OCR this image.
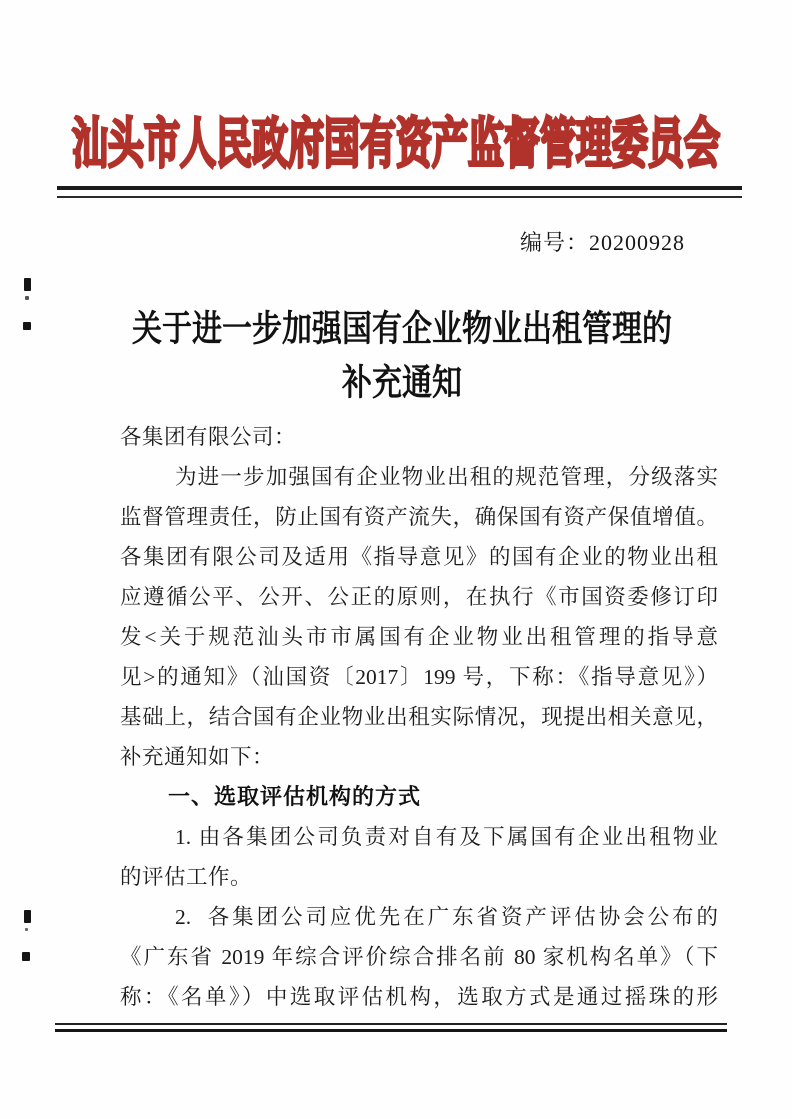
汕头市人民政府国有资产监督管理委员会
编号：20200928
关于进一步加强国有企业物业出租管理的
补充通知
各集团有限公司：
为进一步加强国有企业物业出租的规范管理，分级落实
监督管理责任，防止国有资产流失，确保国有资产保值增值。
各集团有限公司及适用《指导意见》的国有企业的物业出租
应遵循公平、公开、公正的原则，在执行《市国资委修订印
发<关于规范汕头市市属国有企业物业出租管理的指导意
见>的通知》（汕国资〔2017〕199 号，下称：《指导意见》）
基础上，结合国有企业物业出租实际情况，现提出相关意见，
补充通知如下：
一、选取评估机构的方式
1. 由各集团公司负责对自有及下属国有企业出租物业
的评估工作。
2.  各集团公司应优先在广东省资产评估协会公布的
《广东省 2019 年综合评价综合排名前 80 家机构名单》（下
称：《名单》）中选取评估机构，选取方式是通过摇珠的形
